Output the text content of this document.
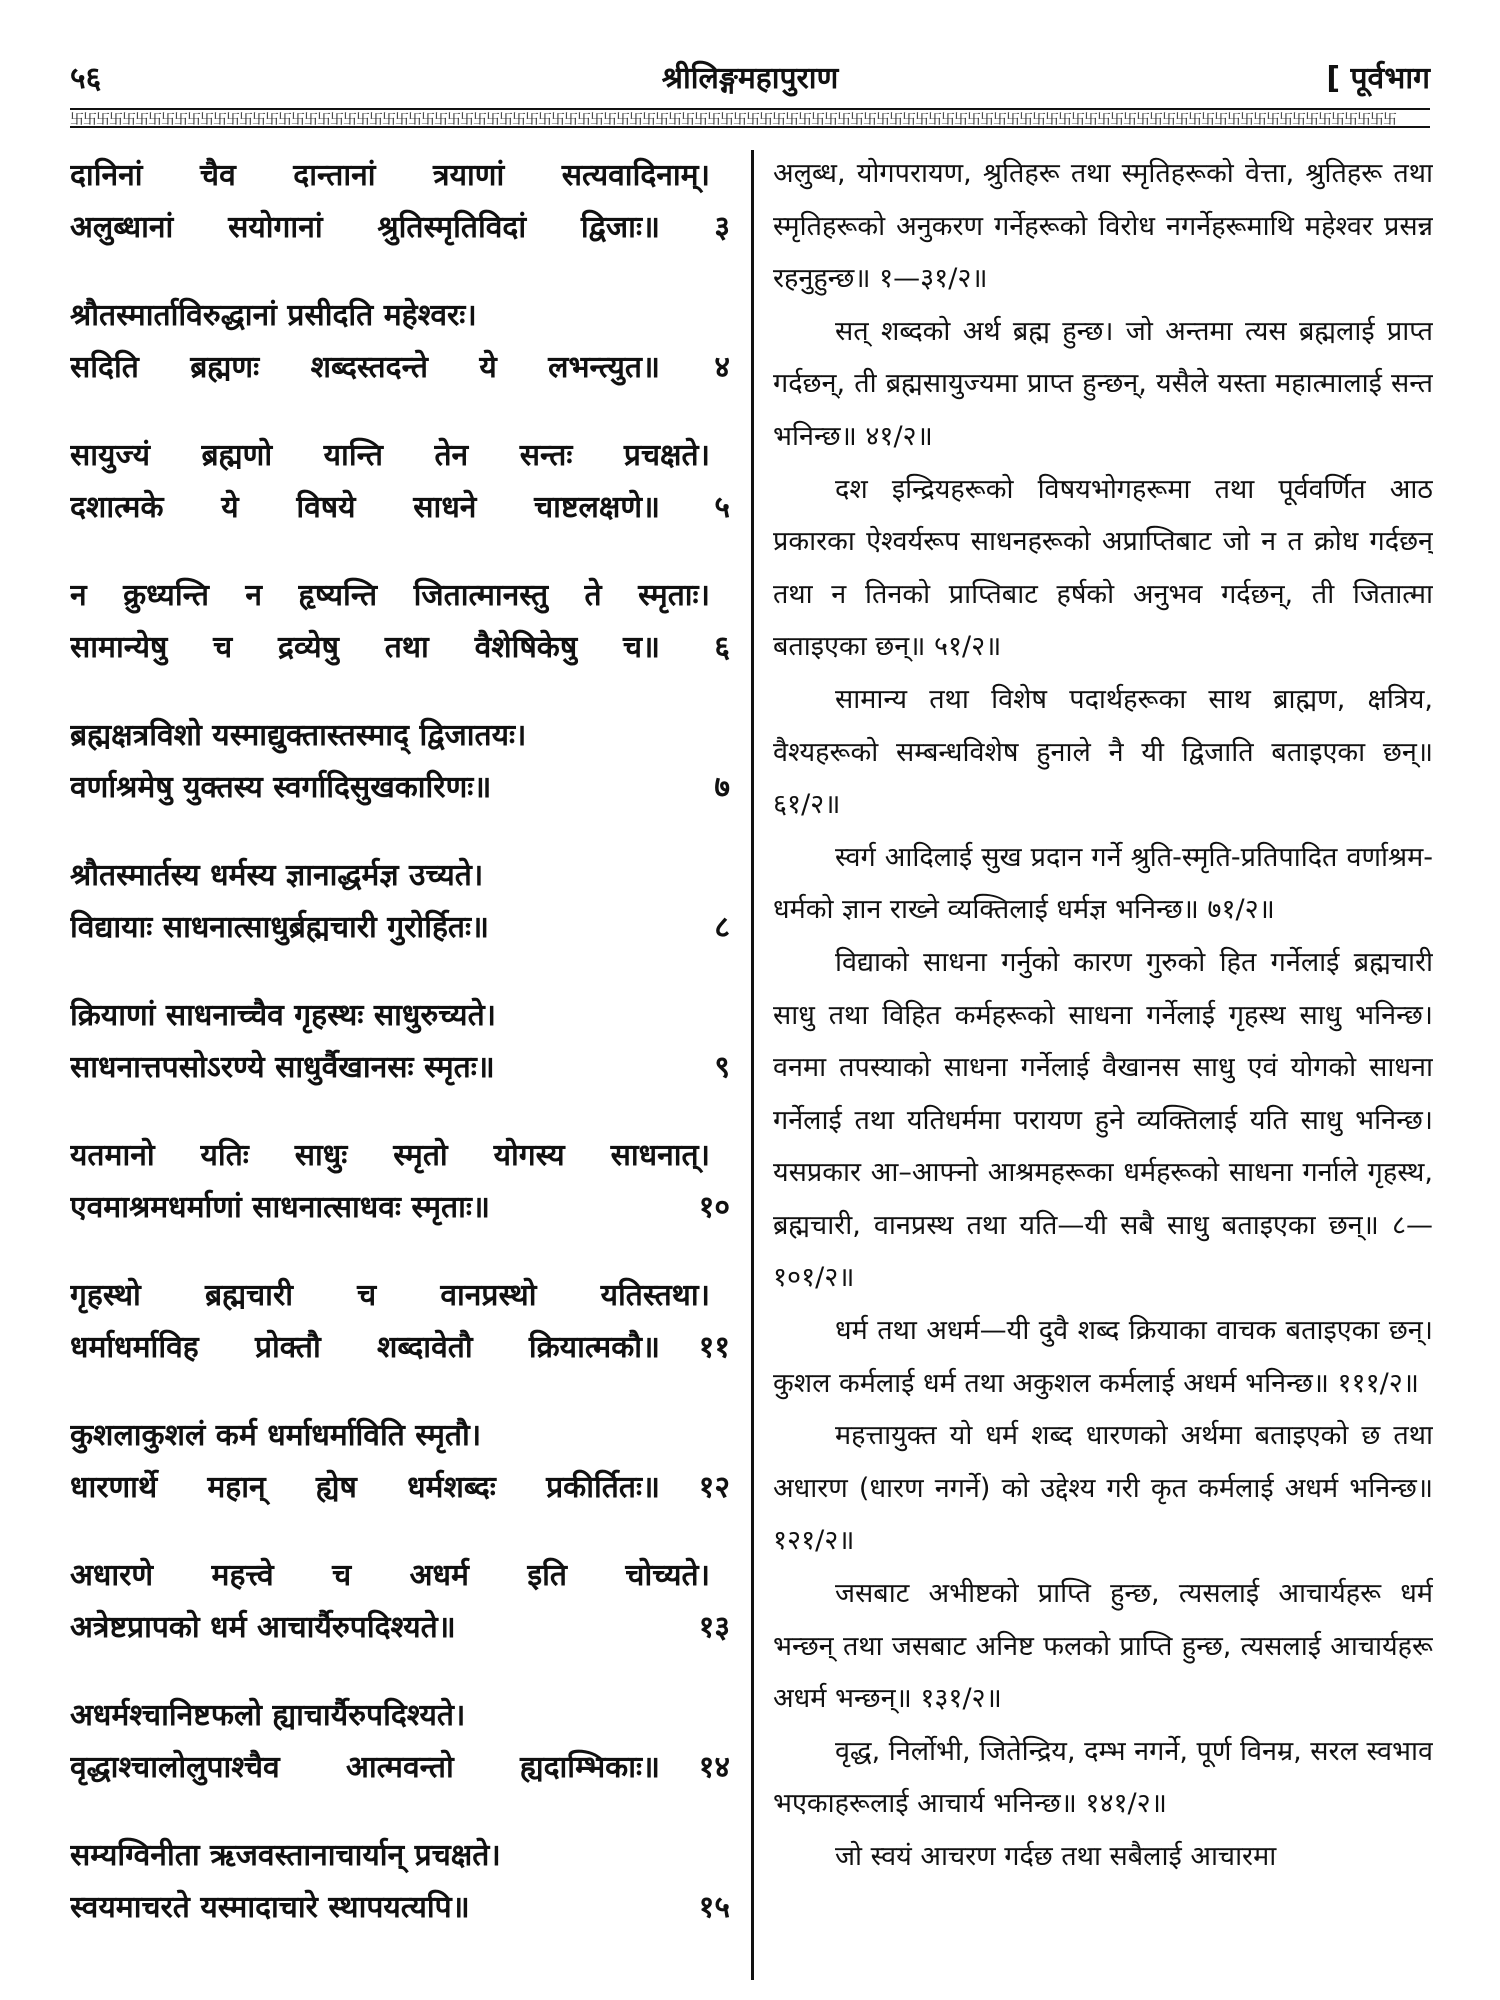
५६	श्रीलिङ्गमहापुराण	[ पूर्वभाग
卐卐卐卐卐卐卐卐卐卐卐卐卐卐卐卐卐卐卐卐卐卐卐卐卐卐卐卐卐卐卐卐卐卐卐卐卐卐卐卐卐卐卐卐卐卐卐卐卐卐卐卐卐卐卐卐卐卐卐卐卐卐卐卐卐卐卐卐卐卐卐卐卐卐卐卐卐卐卐卐卐卐卐卐卐卐卐卐卐卐卐卐卐卐卐卐卐卐卐卐卐卐
दानिनां चैव दान्तानां त्रयाणां सत्यवादिनाम्।
अलुब्धानां सयोगानां श्रुतिस्मृतिविदां द्विजाः॥	३
श्रौतस्मार्ताविरुद्धानां प्रसीदति महेश्वरः।
सदिति ब्रह्मणः शब्दस्तदन्ते ये लभन्त्युत॥	४
सायुज्यं ब्रह्मणो यान्ति तेन सन्तः प्रचक्षते।
दशात्मके ये विषये साधने चाष्टलक्षणे॥	५
न क्रुध्यन्ति न हृष्यन्ति जितात्मानस्तु ते स्मृताः।
सामान्येषु च द्रव्येषु तथा वैशेषिकेषु च॥	६
ब्रह्मक्षत्रविशो यस्माद्युक्तास्तस्माद् द्विजातयः।
वर्णाश्रमेषु युक्तस्य स्वर्गादिसुखकारिणः॥	७
श्रौतस्मार्तस्य धर्मस्य ज्ञानाद्धर्मज्ञ उच्यते।
विद्यायाः साधनात्साधुर्ब्रह्मचारी गुरोर्हितः॥	८
क्रियाणां साधनाच्चैव गृहस्थः साधुरुच्यते।
साधनात्तपसोऽरण्ये साधुर्वैखानसः स्मृतः॥	९
यतमानो यतिः साधुः स्मृतो योगस्य साधनात्।
एवमाश्रमधर्माणां साधनात्साधवः स्मृताः॥	१०
गृहस्थो ब्रह्मचारी च वानप्रस्थो यतिस्तथा।
धर्माधर्माविह प्रोक्तौ शब्दावेतौ क्रियात्मकौ॥	११
कुशलाकुशलं कर्म धर्माधर्माविति स्मृतौ।
धारणार्थे महान् ह्येष धर्मशब्दः प्रकीर्तितः॥	१२
अधारणे महत्त्वे च अधर्म इति चोच्यते।
अत्रेष्टप्रापको धर्म आचार्यैरुपदिश्यते॥	१३
अधर्मश्चानिष्टफलो ह्याचार्यैरुपदिश्यते।
वृद्धाश्चालोलुपाश्चैव आत्मवन्तो ह्यदाम्भिकाः॥	१४
सम्यग्विनीता ऋजवस्तानाचार्यान् प्रचक्षते।
स्वयमाचरते यस्मादाचारे स्थापयत्यपि॥	१५

अलुब्ध, योगपरायण, श्रुतिहरू तथा स्मृतिहरूको वेत्ता, श्रुतिहरू तथा स्मृतिहरूको अनुकरण गर्नेहरूको विरोध नगर्नेहरूमाथि महेश्वर प्रसन्न रहनुहुन्छ॥ १—३१/२॥

सत् शब्दको अर्थ ब्रह्म हुन्छ। जो अन्तमा त्यस ब्रह्मलाई प्राप्त गर्दछन्, ती ब्रह्मसायुज्यमा प्राप्त हुन्छन्, यसैले यस्ता महात्मालाई सन्त भनिन्छ॥ ४१/२॥

दश इन्द्रियहरूको विषयभोगहरूमा तथा पूर्ववर्णित आठ प्रकारका ऐश्वर्यरूप साधनहरूको अप्राप्तिबाट जो न त क्रोध गर्दछन् तथा न तिनको प्राप्तिबाट हर्षको अनुभव गर्दछन्, ती जितात्मा बताइएका छन्॥ ५१/२॥

सामान्य तथा विशेष पदार्थहरूका साथ ब्राह्मण, क्षत्रिय, वैश्यहरूको सम्बन्धविशेष हुनाले नै यी द्विजाति बताइएका छन्॥ ६१/२॥

स्वर्ग आदिलाई सुख प्रदान गर्ने श्रुति-स्मृति-प्रतिपादित वर्णाश्रम-धर्मको ज्ञान राख्ने व्यक्तिलाई धर्मज्ञ भनिन्छ॥ ७१/२॥

विद्याको साधना गर्नुको कारण गुरुको हित गर्नेलाई ब्रह्मचारी साधु तथा विहित कर्महरूको साधना गर्नेलाई गृहस्थ साधु भनिन्छ। वनमा तपस्याको साधना गर्नेलाई वैखानस साधु एवं योगको साधना गर्नेलाई तथा यतिधर्ममा परायण हुने व्यक्तिलाई यति साधु भनिन्छ। यसप्रकार आ–आफ्नो आश्रमहरूका धर्महरूको साधना गर्नाले गृहस्थ, ब्रह्मचारी, वानप्रस्थ तथा यति—यी सबै साधु बताइएका छन्॥ ८—१०१/२॥

धर्म तथा अधर्म—यी दुवै शब्द क्रियाका वाचक बताइएका छन्। कुशल कर्मलाई धर्म तथा अकुशल कर्मलाई अधर्म भनिन्छ॥ १११/२॥

महत्तायुक्त यो धर्म शब्द धारणको अर्थमा बताइएको छ तथा अधारण (धारण नगर्ने) को उद्देश्य गरी कृत कर्मलाई अधर्म भनिन्छ॥ १२१/२॥

जसबाट अभीष्टको प्राप्ति हुन्छ, त्यसलाई आचार्यहरू धर्म भन्छन् तथा जसबाट अनिष्ट फलको प्राप्ति हुन्छ, त्यसलाई आचार्यहरू अधर्म भन्छन्॥ १३१/२॥

वृद्ध, निर्लोभी, जितेन्द्रिय, दम्भ नगर्ने, पूर्ण विनम्र, सरल स्वभाव भएकाहरूलाई आचार्य भनिन्छ॥ १४१/२॥

जो स्वयं आचरण गर्दछ तथा सबैलाई आचारमा
